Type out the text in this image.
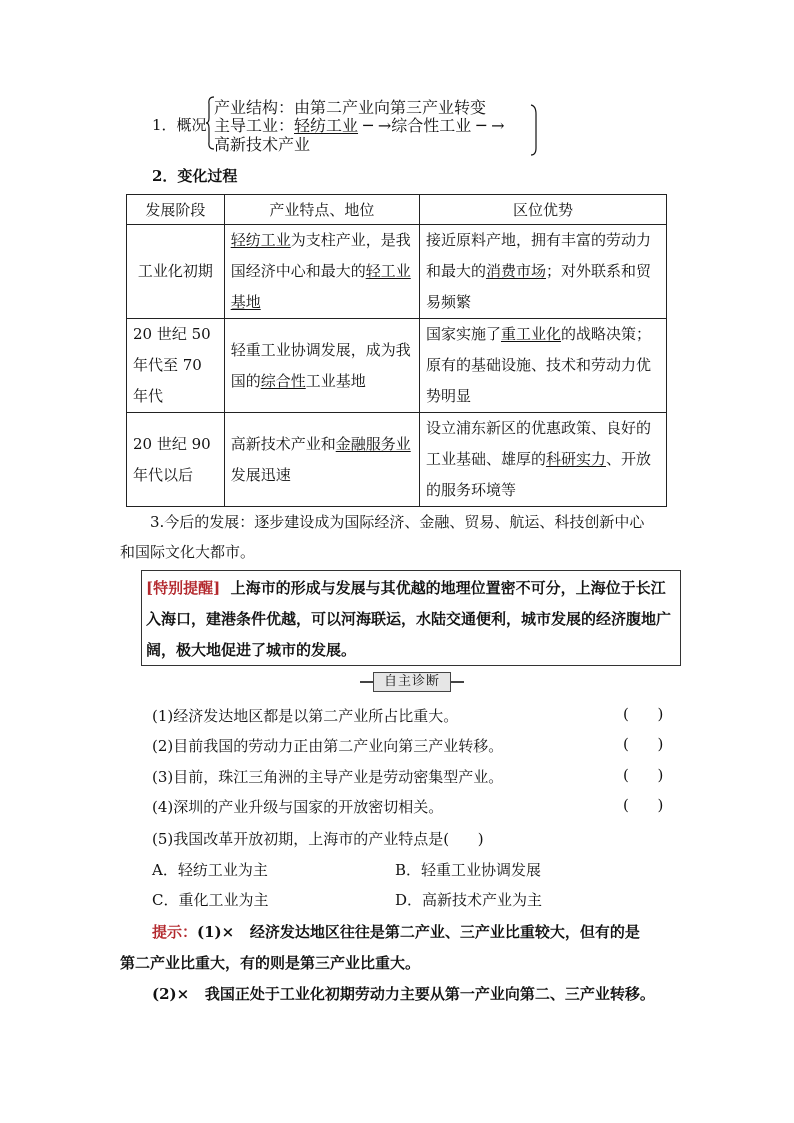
1．概况
产业结构：由第二产业向第三产业转变
主导工业：轻纺工业 ─ →综合性工业 ─ →
高新技术产业
2．变化过程
发展阶段	产业特点、地位	区位优势
工业化初期	轻纺工业为支柱产业，是我国经济中心和最大的轻工业基地	接近原料产地，拥有丰富的劳动力和最大的消费市场；对外联系和贸易频繁
20 世纪 50 年代至 70 年代	轻重工业协调发展，成为我国的综合性工业基地	国家实施了重工业化的战略决策；原有的基础设施、技术和劳动力优势明显
20 世纪 90 年代以后	高新技术产业和金融服务业发展迅速	设立浦东新区的优惠政策、良好的工业基础、雄厚的科研实力、开放的服务环境等
3.今后的发展：逐步建设成为国际经济、金融、贸易、航运、科技创新中心
和国际文化大都市。
[特别提醒] 上海市的形成与发展与其优越的地理位置密不可分，上海位于长江入海口，建港条件优越，可以河海联运，水陆交通便利，城市发展的经济腹地广阔，极大地促进了城市的发展。
自主诊断
(1)经济发达地区都是以第二产业所占比重大。	(      )
(2)目前我国的劳动力正由第二产业向第三产业转移。	(      )
(3)目前，珠江三角洲的主导产业是劳动密集型产业。	(      )
(4)深圳的产业升级与国家的开放密切相关。	(      )
(5)我国改革开放初期，上海市的产业特点是(      )
A．轻纺工业为主	B．轻重工业协调发展
C．重化工业为主	D．高新技术产业为主
提示：(1)× 经济发达地区往往是第二产业、三产业比重较大，但有的是
第二产业比重大，有的则是第三产业比重大。
(2)× 我国正处于工业化初期劳动力主要从第一产业向第二、三产业转移。
